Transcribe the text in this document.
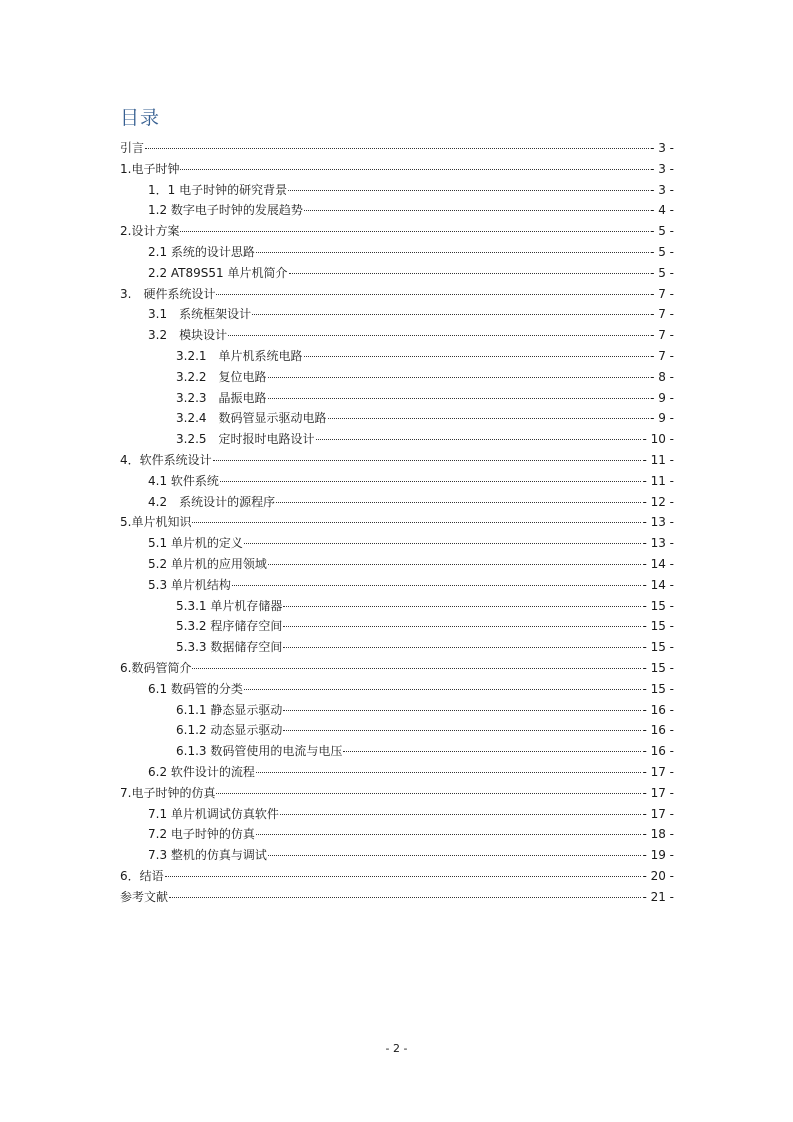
目录
引言	- 3 -
1. 电子时钟	- 3 -
1．1 电子时钟的研究背景	- 3 -
1.2 数字电子时钟的发展趋势	- 4 -
2. 设计方案	- 5 -
2.1 系统的设计思路	- 5 -
2.2 AT89S51 单片机简介	- 5 -
3. 硬件系统设计	- 7 -
3.1 系统框架设计	- 7 -
3.2 模块设计	- 7 -
3.2.1 单片机系统电路	- 7 -
3.2.2 复位电路	- 8 -
3.2.3 晶振电路	- 9 -
3.2.4 数码管显示驱动电路	- 9 -
3.2.5 定时报时电路设计	- 10 -
4． 软件系统设计	- 11 -
4.1 软件系统	- 11 -
4.2 系统设计的源程序	- 12 -
5. 单片机知识	- 13 -
5.1 单片机的定义	- 13 -
5.2 单片机的应用领域	- 14 -
5.3 单片机结构	- 14 -
5.3.1 单片机存储器	- 15 -
5.3.2 程序储存空间	- 15 -
5.3.3 数据储存空间	- 15 -
6. 数码管简介	- 15 -
6.1 数码管的分类	- 15 -
6.1.1 静态显示驱动	- 16 -
6.1.2 动态显示驱动	- 16 -
6.1.3 数码管使用的电流与电压	- 16 -
6.2 软件设计的流程	- 17 -
7. 电子时钟的仿真	- 17 -
7.1 单片机调试仿真软件	- 17 -
7.2 电子时钟的仿真	- 18 -
7.3 整机的仿真与调试	- 19 -
6． 结语	- 20 -
参考文献	- 21 -
- 2 -
